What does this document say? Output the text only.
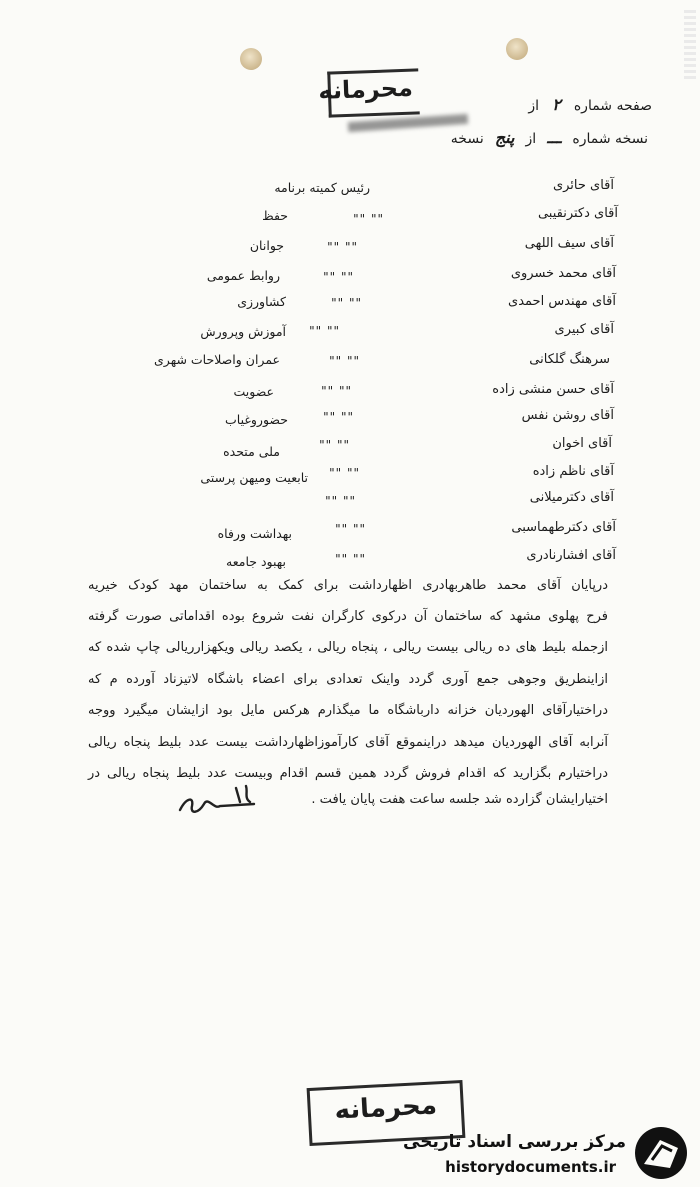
محرمانه
صفحه شماره ۲ از
نسخه شماره ـــ از پنج نسخه
آقای حائری
رئیس کمیته برنامه
آقای دکترنقیبی
"" ""
حفظ
آقای سیف اللهی
"" ""
جوانان
آقای محمد خسروی
"" ""
روابط عمومی
آقای مهندس احمدی
"" ""
کشاورزی
آقای کبیری
"" ""
آموزش وپرورش
سرهنگ گلکانی
"" ""
عمران واصلاحات شهری
آقای حسن منشی زاده
"" ""
عضویت
آقای روشن نفس
"" ""
حضوروغیاب
آقای اخوان
"" ""
ملی متحده
آقای ناظم زاده
"" ""
تابعیت ومیهن پرستی
آقای دکترمیلانی
"" ""
آقای دکترطهماسبی
"" ""
بهداشت ورفاه
آقای افشارنادری
"" ""
بهبود جامعه
درپایان آقای محمد طاهربهادری اظهارداشت برای کمک به ساختمان مهد کودک خیریه
فرح پهلوی مشهد که ساختمان آن درکوی کارگران نفت شروع بوده اقداماتی صورت گرفته
ازجمله بلیط های ده ریالی بیست ریالی ، پنجاه ریالی ، یکصد ریالی ویکهزارریالی چاپ شده که
ازاینطریق وجوهی جمع آوری گردد واینک تعدادی برای اعضاء باشگاه لاتیزناد آورده م که
دراختیارآقای الهوردیان خزانه دارباشگاه ما میگذارم هرکس مایل بود ازایشان میگیرد ووجه
آنرابه آقای الهوردیان میدهد دراینموقع آقای کارآموزاظهارداشت بیست عدد بلیط پنجاه ریالی
دراختیارم بگزارید که اقدام فروش گردد همین قسم اقدام وبیست عدد بلیط پنجاه ریالی در
اختیارایشان گزارده شد جلسه ساعت هفت پایان یافت .
محرمانه
مرکز بررسی اسناد تاریخی
historydocuments.ir
